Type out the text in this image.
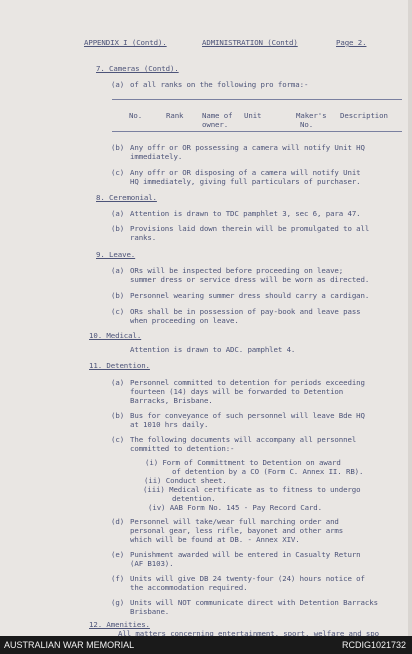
APPENDIX I (Contd).	ADMINISTRATION (Contd)	Page 2.
7. Cameras (Contd).
(a) of all ranks on the following pro forma:-
No.	Rank	Name of Unit	Maker's Description
owner.	No.
(b) Any offr or OR possessing a camera will notify Unit HQ
immediately.
(c) Any offr or OR disposing of a camera will notify Unit
HQ immediately, giving full particulars of purchaser.
8. Ceremonial.
(a) Attention is drawn to TDC pamphlet 3, sec 6, para 47.
(b) Provisions laid down therein will be promulgated to all
ranks.
9. Leave.
(a) ORs will be inspected before proceeding on leave;
summer dress or service dress will be worn as directed.
(b) Personnel wearing summer dress should carry a cardigan.
(c) ORs shall be in possession of pay-book and leave pass
when proceeding on leave.
10. Medical.
Attention is drawn to ADC. pamphlet 4.
11. Detention.
(a) Personnel committed to detention for periods exceeding
fourteen (14) days will be forwarded to Detention
Barracks, Brisbane.
(b) Bus for conveyance of such personnel will leave Bde HQ
at 1010 hrs daily.
(c) The following documents will accompany all personnel
committed to detention:-
(i) Form of Committment to Detention on award
of detention by a CO (Form C. Annex II. RB).
(ii) Conduct sheet.
(iii) Medical certificate as to fitness to undergo
detention.
(iv) AAB Form No. 145 - Pay Record Card.
(d) Personnel will take/wear full marching order and
personal gear, less rifle, bayonet and other arms
which will be found at DB. - Annex XIV.
(e) Punishment awarded will be entered in Casualty Return
(AF B103).
(f) Units will give DB 24 twenty-four (24) hours notice of
the accommodation required.
(g) Units will NOT communicate direct with Detention Barracks
Brisbane.
12. Amenities.
All matters concerning entertainment, sport, welfare and spo
AUSTRALIAN WAR MEMORIAL	RCDIG1021732
